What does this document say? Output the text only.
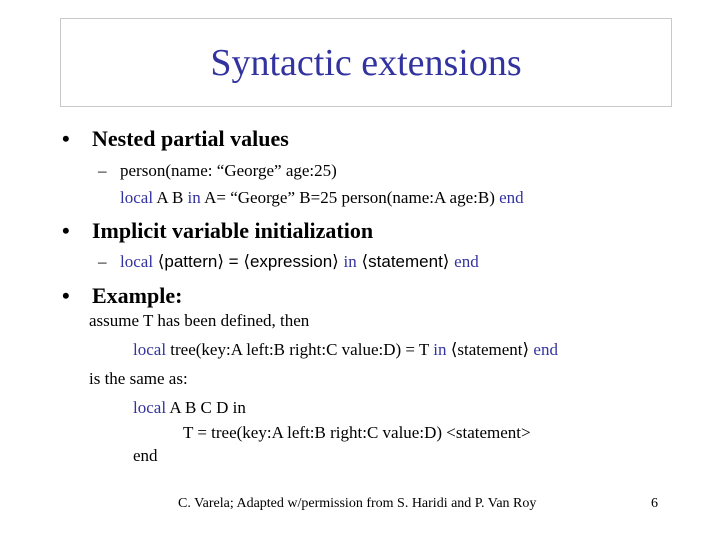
Syntactic extensions
• Nested partial values
– person(name: “George” age:25)
local A B in A= “George” B=25 person(name:A age:B) end
• Implicit variable initialization
– local ⟨pattern⟩ = ⟨expression⟩ in ⟨statement⟩ end
• Example:
assume T has been defined, then
local tree(key:A left:B right:C value:D) = T in ⟨statement⟩ end
is the same as:
local A B C D in
T = tree(key:A left:B right:C value:D) <statement>
end
C. Varela; Adapted w/permission from S. Haridi and P. Van Roy	6
